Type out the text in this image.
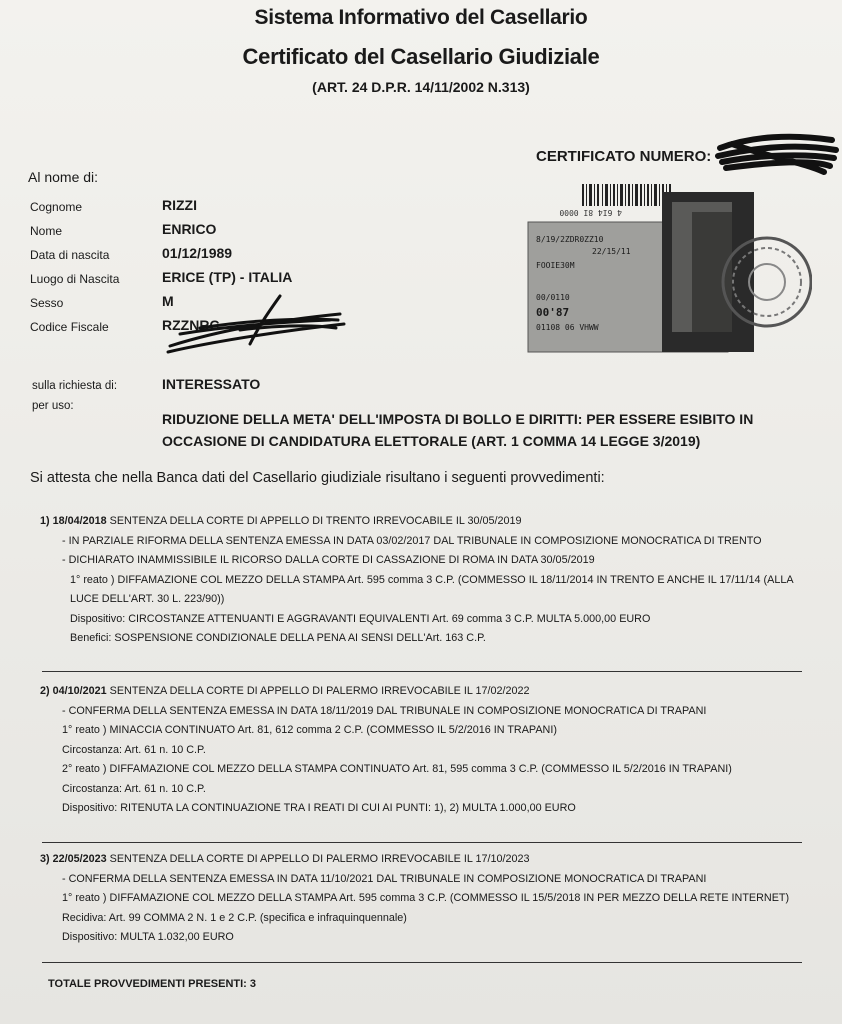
Sistema Informativo del Casellario
Certificato del Casellario Giudiziale
(ART. 24 D.P.R. 14/11/2002 N.313)
CERTIFICATO NUMERO:
Al nome di:
Cognome	RIZZI
Nome	ENRICO
Data di nascita	01/12/1989
Luogo di Nascita	ERICE (TP) - ITALIA
Sesso	M
Codice Fiscale	RZZNRC
4 6I4 8I 0000
8/19/2ZDR0ZZ10
22/15/11
FOOIE30M
00/0110
00'87
01108 06 VHWW
sulla richiesta di:	INTERESSATO
per uso:
RIDUZIONE DELLA META' DELL'IMPOSTA DI BOLLO E DIRITTI: PER ESSERE ESIBITO IN OCCASIONE DI CANDIDATURA ELETTORALE (ART. 1 COMMA 14 LEGGE 3/2019)
Si attesta che nella Banca dati del Casellario giudiziale risultano i seguenti provvedimenti:
1) 18/04/2018 SENTENZA DELLA CORTE DI APPELLO DI TRENTO IRREVOCABILE IL 30/05/2019
- IN PARZIALE RIFORMA DELLA SENTENZA EMESSA IN DATA 03/02/2017 DAL TRIBUNALE IN COMPOSIZIONE MONOCRATICA DI TRENTO
- DICHIARATO INAMMISSIBILE IL RICORSO DALLA CORTE DI CASSAZIONE DI ROMA IN DATA 30/05/2019
1° reato ) DIFFAMAZIONE COL MEZZO DELLA STAMPA Art. 595 comma 3 C.P. (COMMESSO IL 18/11/2014 IN TRENTO E ANCHE IL 17/11/14 (ALLA LUCE DELL'ART. 30 L. 223/90))
Dispositivo: CIRCOSTANZE ATTENUANTI E AGGRAVANTI EQUIVALENTI Art. 69 comma 3 C.P. MULTA 5.000,00 EURO
Benefici: SOSPENSIONE CONDIZIONALE DELLA PENA AI SENSI DELL'Art. 163 C.P.
2) 04/10/2021 SENTENZA DELLA CORTE DI APPELLO DI PALERMO IRREVOCABILE IL 17/02/2022
- CONFERMA DELLA SENTENZA EMESSA IN DATA 18/11/2019 DAL TRIBUNALE IN COMPOSIZIONE MONOCRATICA DI TRAPANI
1° reato ) MINACCIA CONTINUATO Art. 81, 612 comma 2 C.P. (COMMESSO IL 5/2/2016 IN TRAPANI)
Circostanza: Art. 61 n. 10 C.P.
2° reato ) DIFFAMAZIONE COL MEZZO DELLA STAMPA CONTINUATO Art. 81, 595 comma 3 C.P. (COMMESSO IL 5/2/2016 IN TRAPANI)
Circostanza: Art. 61 n. 10 C.P.
Dispositivo: RITENUTA LA CONTINUAZIONE TRA I REATI DI CUI AI PUNTI: 1), 2) MULTA 1.000,00 EURO
3) 22/05/2023 SENTENZA DELLA CORTE DI APPELLO DI PALERMO IRREVOCABILE IL 17/10/2023
- CONFERMA DELLA SENTENZA EMESSA IN DATA 11/10/2021 DAL TRIBUNALE IN COMPOSIZIONE MONOCRATICA DI TRAPANI
1° reato ) DIFFAMAZIONE COL MEZZO DELLA STAMPA Art. 595 comma 3 C.P. (COMMESSO IL 15/5/2018 IN PER MEZZO DELLA RETE INTERNET)
Recidiva: Art. 99 COMMA 2 N. 1 e 2 C.P. (specifica e infraquinquennale)
Dispositivo: MULTA 1.032,00 EURO
TOTALE PROVVEDIMENTI PRESENTI: 3
